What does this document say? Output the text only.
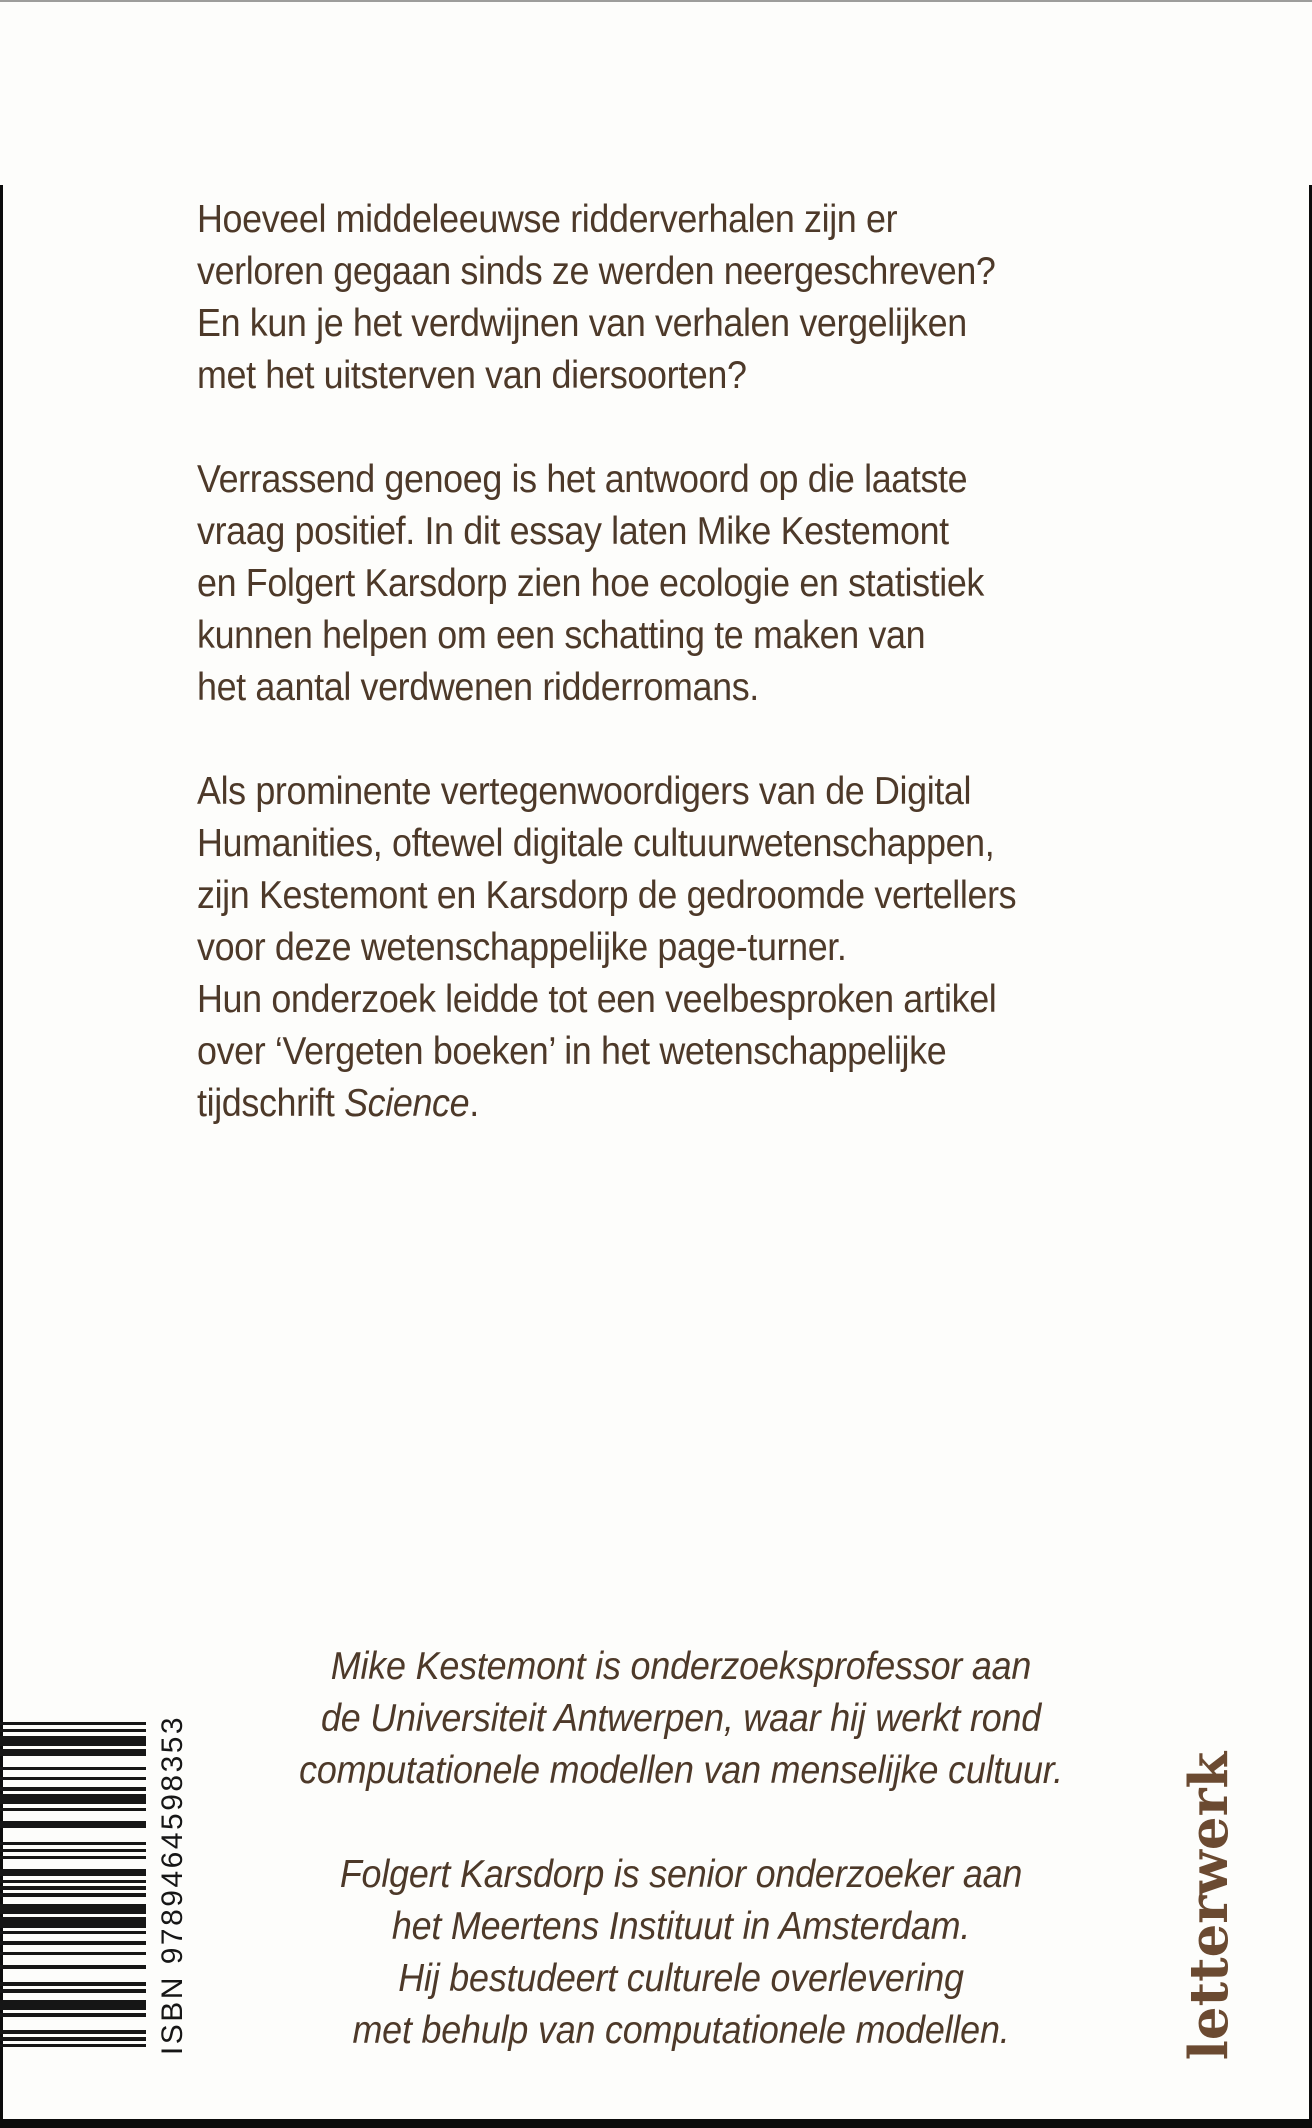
Hoeveel middeleeuwse ridderverhalen zijn er
verloren gegaan sinds ze werden neergeschreven?
En kun je het verdwijnen van verhalen vergelijken
met het uitsterven van diersoorten?

Verrassend genoeg is het antwoord op die laatste
vraag positief. In dit essay laten Mike Kestemont
en Folgert Karsdorp zien hoe ecologie en statistiek
kunnen helpen om een schatting te maken van
het aantal verdwenen ridderromans.

Als prominente vertegenwoordigers van de Digital
Humanities, oftewel digitale cultuurwetenschappen,
zijn Kestemont en Karsdorp de gedroomde vertellers
voor deze wetenschappelijke page-turner.
Hun onderzoek leidde tot een veelbesproken artikel
over ‘Vergeten boeken’ in het wetenschappelijke
tijdschrift Science.

Mike Kestemont is onderzoeksprofessor aan
de Universiteit Antwerpen, waar hij werkt rond
computationele modellen van menselijke cultuur.

Folgert Karsdorp is senior onderzoeker aan
het Meertens Instituut in Amsterdam.
Hij bestudeert culturele overlevering
met behulp van computationele modellen.

ISBN 9789464598353	letterwerk
